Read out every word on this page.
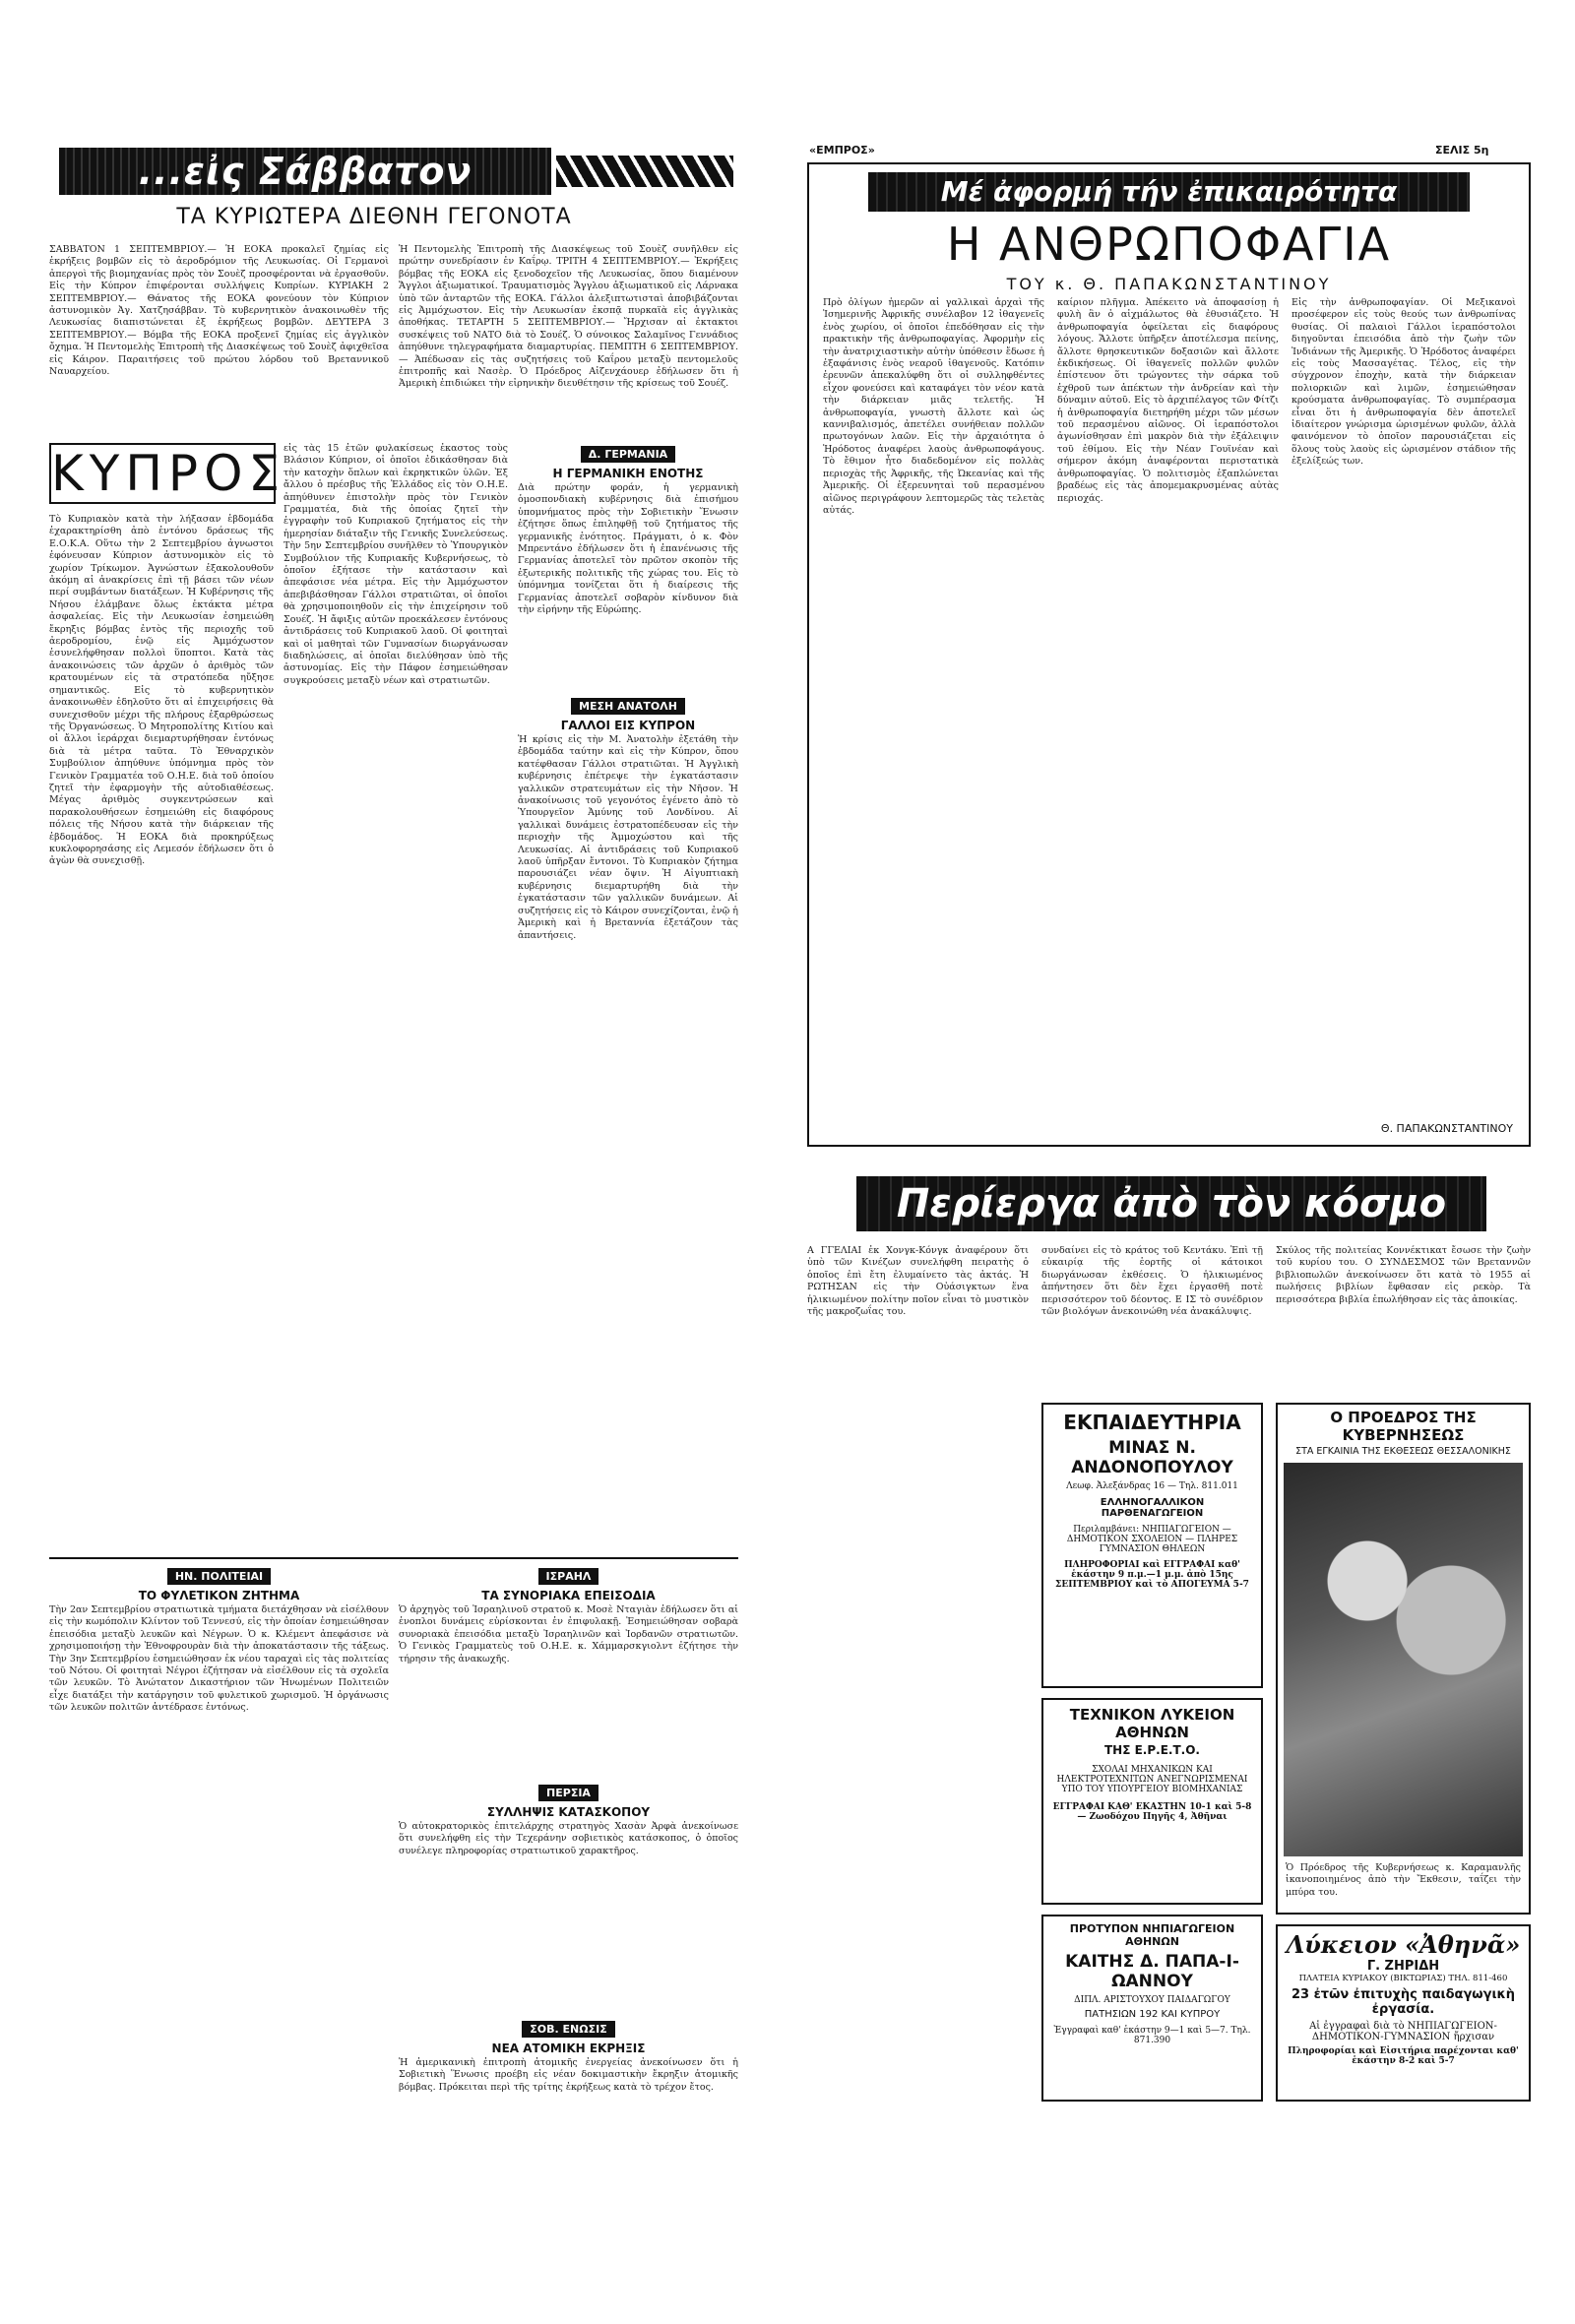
«ΕΜΠΡΟΣ»	ΣΕΛΙΣ 5η
...εἰς Σάββατον
ΤΑ ΚΥΡΙΩΤΕΡΑ ΔΙΕΘΝΗ ΓΕΓΟΝΟΤΑ
ΣΑΒΒΑΤΟΝ 1 ΣΕΠΤΕΜΒΡΙΟΥ.— Ἡ ΕΟΚΑ προκαλεῖ ζημίας εἰς ἐκρήξεις βομβῶν εἰς τὸ ἀεροδρόμιον τῆς Λευκωσίας. Οἱ Γερμανοὶ ἀπεργοὶ τῆς βιομηχανίας πρὸς τὸν Σουὲζ προσφέρονται νὰ ἐργασθοῦν. Εἰς τὴν Κύπρον ἐπιφέρονται συλλήψεις Κυπρίων. ΚΥΡΙΑΚΗ 2 ΣΕΠΤΕΜΒΡΙΟΥ.— Θάνατος τῆς ΕΟΚΑ φονεύουν τὸν Κύπριον ἀστυνομικὸν Ἀγ. Χατζησάββαν. Τὸ κυβερνητικὸν ἀνακοινωθὲν τῆς Λευκωσίας διαπιστώνεται ἐξ ἐκρήξεως βομβῶν. ΔΕΥΤΕΡΑ 3 ΣΕΠΤΕΜΒΡΙΟΥ.— Βόμβα τῆς ΕΟΚΑ προξενεῖ ζημίας εἰς ἀγγλικὸν ὄχημα. Ἡ Πεντομελὴς Ἐπιτροπὴ τῆς Διασκέψεως τοῦ Σουὲζ ἀφιχθεῖσα εἰς Κάιρον. Παραιτήσεις τοῦ πρώτου λόρδου τοῦ Βρεταννικοῦ Ναυαρχείου.
Ἡ Πεντομελὴς Ἐπιτροπὴ τῆς Διασκέψεως τοῦ Σουὲζ συνῆλθεν εἰς πρώτην συνεδρίασιν ἐν Καΐρῳ. ΤΡΙΤΗ 4 ΣΕΠΤΕΜΒΡΙΟΥ.— Ἐκρήξεις βόμβας τῆς ΕΟΚΑ εἰς ξενοδοχεῖον τῆς Λευκωσίας, ὅπου διαμένουν Ἄγγλοι ἀξιωματικοί. Τραυματισμὸς Ἄγγλου ἀξιωματικοῦ εἰς Λάρνακα ὑπὸ τῶν ἀνταρτῶν τῆς ΕΟΚΑ. Γάλλοι ἀλεξιπτωτισταὶ ἀποβιβάζονται εἰς Ἀμμόχωστον. Εἰς τὴν Λευκωσίαν ἐκσπᾷ πυρκαϊὰ εἰς ἀγγλικὰς ἀποθήκας. ΤΕΤΑΡΤΗ 5 ΣΕΠΤΕΜΒΡΙΟΥ.— Ἤρχισαν αἱ ἐκτακτοι συσκέψεις τοῦ ΝΑΤΟ διὰ τὸ Σουέζ. Ὁ σύνοικος Σαλαμῖνος Γεννάδιος ἀπηύθυνε τηλεγραφήματα διαμαρτυρίας. ΠΕΜΠΤΗ 6 ΣΕΠΤΕΜΒΡΙΟΥ.— Ἀπέδωσαν εἰς τὰς συζητήσεις τοῦ Καΐρου μεταξὺ πεντομελοῦς ἐπιτροπῆς καὶ Νασὲρ. Ὁ Πρόεδρος Αἰζενχάουερ ἐδήλωσεν ὅτι ἡ Ἀμερικὴ ἐπιδιώκει τὴν εἰρηνικὴν διευθέτησιν τῆς κρίσεως τοῦ Σουέζ.
ΚΥΠΡΟΣ
Τὸ Κυπριακὸν κατὰ τὴν λήξασαν ἑβδομάδα ἐχαρακτηρίσθη ἀπὸ ἐντόνου δράσεως τῆς Ε.Ο.Κ.Α. Οὕτω τὴν 2 Σεπτεμβρίου ἀγνωστοι ἐφόνευσαν Κύπριον ἀστυνομικὸν εἰς τὸ χωρίον Τρίκωμον. Ἀγνώστων ἐξακολουθοῦν ἀκόμη αἱ ἀνακρίσεις ἐπὶ τῇ βάσει τῶν νέων περί συμβάντων διατάξεων. Ἡ Κυβέρνησις τῆς Νήσου ἐλάμβανε ὅλως ἐκτάκτα μέτρα ἀσφαλείας. Εἰς τὴν Λευκωσίαν ἐσημειώθη ἔκρηξις βόμβας ἐντὸς τῆς περιοχῆς τοῦ ἀεροδρομίου, ἐνῷ εἰς Ἀμμόχωστον ἐσυνελήφθησαν πολλοὶ ὕποπτοι. Κατὰ τὰς ἀνακοινώσεις τῶν ἀρχῶν ὁ ἀριθμὸς τῶν κρατουμένων εἰς τὰ στρατόπεδα ηὔξησε σημαντικῶς. Εἰς τὸ κυβερνητικὸν ἀνακοινωθὲν ἐδηλοῦτο ὅτι αἱ ἐπιχειρήσεις θὰ συνεχισθοῦν μέχρι τῆς πλήρους ἐξαρθρώσεως τῆς Ὀργανώσεως. Ὁ Μητροπολίτης Κιτίου καὶ οἱ ἄλλοι ἱεράρχαι διεμαρτυρήθησαν ἐντόνως διὰ τὰ μέτρα ταῦτα. Τὸ Ἐθναρχικὸν Συμβούλιον ἀπηύθυνε ὑπόμνημα πρὸς τὸν Γενικὸν Γραμματέα τοῦ Ο.Η.Ε. διὰ τοῦ ὁποίου ζητεῖ τὴν ἐφαρμογὴν τῆς αὐτοδιαθέσεως. Μέγας ἀριθμὸς συγκεντρώσεων καὶ παρακολουθήσεων ἐσημειώθη εἰς διαφόρους πόλεις τῆς Νήσου κατὰ τὴν διάρκειαν τῆς ἑβδομάδος. Ἡ ΕΟΚΑ διὰ προκηρύξεως κυκλοφορησάσης εἰς Λεμεσόν ἐδήλωσεν ὅτι ὁ ἀγὼν θὰ συνεχισθῇ.
εἰς τὰς 15 ἐτῶν φυλακίσεως ἐκαστος τοὺς Βλάσιον Κύπριον, οἱ ὁποῖοι ἐδικάσθησαν διὰ τὴν κατοχὴν ὅπλων καὶ ἐκρηκτικῶν ὑλῶν. Ἐξ ἄλλου ὁ πρέσβυς τῆς Ἑλλάδος εἰς τὸν Ο.Η.Ε. ἀπηύθυνεν ἐπιστολὴν πρὸς τὸν Γενικὸν Γραμματέα, διὰ τῆς ὁποίας ζητεῖ τὴν ἐγγραφὴν τοῦ Κυπριακοῦ ζητήματος εἰς τὴν ἡμερησίαν διάταξιν τῆς Γενικῆς Συνελεύσεως. Τὴν 5ην Σεπτεμβρίου συνῆλθεν τὸ Ὑπουργικὸν Συμβούλιον τῆς Κυπριακῆς Κυβερνήσεως, τὸ ὁποῖον ἐξήτασε τὴν κατάστασιν καὶ ἀπεφάσισε νέα μέτρα. Εἰς τὴν Ἀμμόχωστον ἀπεβιβάσθησαν Γάλλοι στρατιῶται, οἱ ὁποῖοι θὰ χρησιμοποιηθοῦν εἰς τὴν ἐπιχείρησιν τοῦ Σουέζ. Ἡ ἄφιξις αὐτῶν προεκάλεσεν ἐντόνους ἀντιδράσεις τοῦ Κυπριακοῦ λαοῦ. Οἱ φοιτηταὶ καὶ οἱ μαθηταὶ τῶν Γυμνασίων διωργάνωσαν διαδηλώσεις, αἱ ὁποῖαι διελύθησαν ὑπὸ τῆς ἀστυνομίας. Εἰς τὴν Πάφον ἐσημειώθησαν συγκρούσεις μεταξὺ νέων καὶ στρατιωτῶν.
Δ. ΓΕΡΜΑΝΙΑ
Η ΓΕΡΜΑΝΙΚΗ ΕΝΟΤΗΣ
Διὰ πρώτην φοράν, ἡ γερμανικὴ ὁμοσπονδιακὴ κυβέρνησις διὰ ἐπισήμου ὑπομνήματος πρὸς τὴν Σοβιετικὴν Ἕνωσιν ἐζήτησε ὅπως ἐπιληφθῇ τοῦ ζητήματος τῆς γερμανικῆς ἑνότητος. Πράγματι, ὁ κ. Φὸν Μπρεντάνο ἐδήλωσεν ὅτι ἡ ἐπανένωσις τῆς Γερμανίας ἀποτελεῖ τὸν πρῶτον σκοπὸν τῆς ἐξωτερικῆς πολιτικῆς τῆς χώρας του. Εἰς τὸ ὑπόμνημα τονίζεται ὅτι ἡ διαίρεσις τῆς Γερμανίας ἀποτελεῖ σοβαρὸν κίνδυνον διὰ τὴν εἰρήνην τῆς Εὐρώπης.
ΜΕΣΗ ΑΝΑΤΟΛΗ
ΓΑΛΛΟΙ ΕΙΣ ΚΥΠΡΟΝ
Ἡ κρίσις εἰς τὴν Μ. Ἀνατολὴν ἐξετάθη τὴν ἑβδομάδα ταύτην καὶ εἰς τὴν Κύπρον, ὅπου κατέφθασαν Γάλλοι στρατιῶται. Ἡ Ἀγγλικὴ κυβέρνησις ἐπέτρεψε τὴν ἐγκατάστασιν γαλλικῶν στρατευμάτων εἰς τὴν Νῆσον. Ἡ ἀνακοίνωσις τοῦ γεγονότος ἐγένετο ἀπὸ τὸ Ὑπουργεῖον Ἀμύνης τοῦ Λονδίνου. Αἱ γαλλικαὶ δυνάμεις ἐστρατοπέδευσαν εἰς τὴν περιοχὴν τῆς Ἀμμοχώστου καὶ τῆς Λευκωσίας. Αἱ ἀντιδράσεις τοῦ Κυπριακοῦ λαοῦ ὑπῆρξαν ἔντονοι. Τὸ Κυπριακὸν ζήτημα παρουσιάζει νέαν ὄψιν. Ἡ Αἰγυπτιακὴ κυβέρνησις διεμαρτυρήθη διὰ τὴν ἐγκατάστασιν τῶν γαλλικῶν δυνάμεων. Αἱ συζητήσεις εἰς τὸ Κάιρον συνεχίζονται, ἐνῷ ἡ Ἀμερικὴ καὶ ἡ Βρεταννία ἐξετάζουν τὰς ἀπαντήσεις.
ΗΝ. ΠΟΛΙΤΕΙΑΙ
ΤΟ ΦΥΛΕΤΙΚΟΝ ΖΗΤΗΜΑ
Τὴν 2αν Σεπτεμβρίου στρατιωτικὰ τμήματα διετάχθησαν νὰ εἰσέλθουν εἰς τὴν κωμόπολιν Κλίντον τοῦ Τεννεσύ, εἰς τὴν ὁποίαν ἐσημειώθησαν ἐπεισόδια μεταξὺ λευκῶν καὶ Νέγρων. Ὁ κ. Κλέμεντ ἀπεφάσισε νὰ χρησιμοποιήσῃ τὴν Ἐθνοφρουρὰν διὰ τὴν ἀποκατάστασιν τῆς τάξεως. Τὴν 3ην Σεπτεμβρίου ἐσημειώθησαν ἐκ νέου ταραχαὶ εἰς τὰς πολιτείας τοῦ Νότου. Οἱ φοιτηταὶ Νέγροι ἐζήτησαν νὰ εἰσέλθουν εἰς τὰ σχολεῖα τῶν λευκῶν. Τὸ Ἀνώτατον Δικαστήριον τῶν Ἡνωμένων Πολιτειῶν εἶχε διατάξει τὴν κατάργησιν τοῦ φυλετικοῦ χωρισμοῦ. Ἡ ὀργάνωσις τῶν λευκῶν πολιτῶν ἀντέδρασε ἐντόνως.
ΙΣΡΑΗΛ
ΤΑ ΣΥΝΟΡΙΑΚΑ ΕΠΕΙΣΟΔΙΑ
Ὁ ἀρχηγὸς τοῦ Ἰσραηλινοῦ στρατοῦ κ. Μοσὲ Νταγιὰν ἐδήλωσεν ὅτι αἱ ἐνοπλοι δυνάμεις εὑρίσκονται ἐν ἐπιφυλακῇ. Ἐσημειώθησαν σοβαρὰ συνοριακὰ ἐπεισόδια μεταξὺ Ἰσραηλινῶν καὶ Ἰορδανῶν στρατιωτῶν. Ὁ Γενικὸς Γραμματεὺς τοῦ Ο.Η.Ε. κ. Χάμμαρσκγιολντ ἐζήτησε τὴν τήρησιν τῆς ἀνακωχῆς.
ΠΕΡΣΙΑ
ΣΥΛΛΗΨΙΣ ΚΑΤΑΣΚΟΠΟΥ
Ὁ αὐτοκρατορικὸς ἐπιτελάρχης στρατηγὸς Χασὰν Ἀρφὰ ἀνεκοίνωσε ὅτι συνελήφθη εἰς τὴν Τεχεράνην σοβιετικὸς κατάσκοπος, ὁ ὁποῖος συνέλεγε πληροφορίας στρατιωτικοῦ χαρακτῆρος.
ΣΟΒ. ΕΝΩΣΙΣ
ΝΕΑ ΑΤΟΜΙΚΗ ΕΚΡΗΞΙΣ
Ἡ ἀμερικανικὴ ἐπιτροπὴ ἀτομικῆς ἐνεργείας ἀνεκοίνωσεν ὅτι ἡ Σοβιετικὴ Ἕνωσις προέβη εἰς νέαν δοκιμαστικὴν ἔκρηξιν ἀτομικῆς βόμβας. Πρόκειται περὶ τῆς τρίτης ἐκρήξεως κατὰ τὸ τρέχον ἔτος.
Μέ ἀφορμή τήν ἐπικαιρότητα
Η ΑΝΘΡΩΠΟΦΑΓΙΑ
ΤΟΥ κ. Θ. ΠΑΠΑΚΩΝΣΤΑΝΤΙΝΟΥ
Πρὸ ὀλίγων ἡμερῶν αἱ γαλλικαὶ ἀρχαὶ τῆς Ἰσημερινῆς Ἀφρικῆς συνέλαβον 12 ἰθαγενεῖς ἑνὸς χωρίου, οἱ ὁποῖοι ἐπεδόθησαν εἰς τὴν πρακτικὴν τῆς ἀνθρωποφαγίας. Ἀφορμὴν εἰς τὴν ἀνατριχιαστικὴν αὐτὴν ὑπόθεσιν ἔδωσε ἡ ἐξαφάνισις ἑνὸς νεαροῦ ἰθαγενοῦς. Κατόπιν ἐρευνῶν ἀπεκαλύφθη ὅτι οἱ συλληφθέντες εἶχον φονεύσει καὶ καταφάγει τὸν νέον κατὰ τὴν διάρκειαν μιᾶς τελετῆς. Ἡ ἀνθρωποφαγία, γνωστὴ ἄλλοτε καὶ ὡς καννιβαλισμός, ἀπετέλει συνήθειαν πολλῶν πρωτογόνων λαῶν. Εἰς τὴν ἀρχαιότητα ὁ Ἡρόδοτος ἀναφέρει λαοὺς ἀνθρωποφάγους. Τὸ ἔθιμον ἦτο διαδεδομένον εἰς πολλὰς περιοχὰς τῆς Ἀφρικῆς, τῆς Ὠκεανίας καὶ τῆς Ἀμερικῆς. Οἱ ἐξερευνηταὶ τοῦ περασμένου αἰῶνος περιγράφουν λεπτομερῶς τὰς τελετὰς αὐτάς.
καίριον πλῆγμα. Ἀπέκειτο νὰ ἀποφασίσῃ ἡ φυλὴ ἂν ὁ αἰχμάλωτος θὰ ἐθυσιάζετο. Ἡ ἀνθρωποφαγία ὀφείλεται εἰς διαφόρους λόγους. Ἄλλοτε ὑπῆρξεν ἀποτέλεσμα πείνης, ἄλλοτε θρησκευτικῶν δοξασιῶν καὶ ἄλλοτε ἐκδικήσεως. Οἱ ἰθαγενεῖς πολλῶν φυλῶν ἐπίστευον ὅτι τρώγοντες τὴν σάρκα τοῦ ἐχθροῦ των ἀπέκτων τὴν ἀνδρείαν καὶ τὴν δύναμιν αὐτοῦ. Εἰς τὸ ἀρχιπέλαγος τῶν Φίτζι ἡ ἀνθρωποφαγία διετηρήθη μέχρι τῶν μέσων τοῦ περασμένου αἰῶνος. Οἱ ἱεραπόστολοι ἀγωνίσθησαν ἐπὶ μακρὸν διὰ τὴν ἐξάλειψιν τοῦ ἐθίμου. Εἰς τὴν Νέαν Γουϊνέαν καὶ σήμερον ἀκόμη ἀναφέρονται περιστατικὰ ἀνθρωποφαγίας. Ὁ πολιτισμὸς ἐξαπλώνεται βραδέως εἰς τὰς ἀπομεμακρυσμένας αὐτὰς περιοχάς.
Εἰς τὴν ἀνθρωποφαγίαν. Οἱ Μεξικανοὶ προσέφερον εἰς τοὺς θεούς των ἀνθρωπίνας θυσίας. Οἱ παλαιοὶ Γάλλοι ἱεραπόστολοι διηγοῦνται ἐπεισόδια ἀπὸ τὴν ζωὴν τῶν Ἰνδιάνων τῆς Ἀμερικῆς. Ὁ Ἡρόδοτος ἀναφέρει εἰς τοὺς Μασσαγέτας. Τέλος, εἰς τὴν σύγχρονον ἐποχὴν, κατὰ τὴν διάρκειαν πολιορκιῶν καὶ λιμῶν, ἐσημειώθησαν κρούσματα ἀνθρωποφαγίας. Τὸ συμπέρασμα εἶναι ὅτι ἡ ἀνθρωποφαγία δὲν ἀποτελεῖ ἰδιαίτερον γνώρισμα ὡρισμένων φυλῶν, ἀλλὰ φαινόμενον τὸ ὁποῖον παρουσιάζεται εἰς ὅλους τοὺς λαοὺς εἰς ὡρισμένον στάδιον τῆς ἐξελίξεώς των.
Θ. ΠΑΠΑΚΩΝΣΤΑΝΤΙΝΟΥ
Περίεργα ἀπὸ τὸν κόσμο
Α ΓΓΕΛΙΑΙ ἐκ Χονγκ-Κόνγκ ἀναφέρουν ὅτι ὑπὸ τῶν Κινέζων συνελήφθη πειρατὴς ὁ ὁποῖος ἐπὶ ἔτη ἐλυμαίνετο τὰς ἀκτάς. Ἡ ΡΩΤΗΣΑΝ εἰς τὴν Οὐάσιγκτων ἕνα ἡλικιωμένον πολίτην ποῖον εἶναι τὸ μυστικὸν τῆς μακροζωΐας του.
συνδαίνει εἰς τὸ κράτος τοῦ Κεντάκυ. Ἐπὶ τῇ εὐκαιρίᾳ τῆς ἑορτῆς οἱ κάτοικοι διωργάνωσαν ἐκθέσεις. Ὁ ἡλικιωμένος ἀπήντησεν ὅτι δὲν ἔχει ἐργασθῆ ποτὲ περισσότερον τοῦ δέοντος. Ε ΙΣ τὸ συνέδριον τῶν βιολόγων ἀνεκοινώθη νέα ἀνακάλυψις.
Σκύλος τῆς πολιτείας Κοννέκτικατ ἔσωσε τὴν ζωὴν τοῦ κυρίου του. Ο ΣΥΝΔΕΣΜΟΣ τῶν Βρεταννῶν βιβλιοπωλῶν ἀνεκοίνωσεν ὅτι κατὰ τὸ 1955 αἱ πωλήσεις βιβλίων ἔφθασαν εἰς ρεκὸρ. Τὰ περισσότερα βιβλία ἐπωλήθησαν εἰς τὰς ἀποικίας.
ΕΚΠΑΙΔΕΥΤΗΡΙΑ
ΜΙΝΑΣ Ν. ΑΝΔΟΝΟΠΟΥΛΟΥ
Λεωφ. Ἀλεξάνδρας 16 — Τηλ. 811.011
ΕΛΛΗΝΟΓΑΛΛΙΚΟΝ ΠΑΡΘΕΝΑΓΩΓΕΙΟΝ
Περιλαμβάνει: ΝΗΠΙΑΓΩΓΕΙΟΝ — ΔΗΜΟΤΙΚΟΝ ΣΧΟΛΕΙΟΝ — ΠΛΗΡΕΣ ΓΥΜΝΑΣΙΟΝ ΘΗΛΕΩΝ
ΠΛΗΡΟΦΟΡΙΑΙ καὶ ΕΓΓΡΑΦΑΙ καθ' ἑκάστην 9 π.μ.—1 μ.μ. ἀπὸ 15ης ΣΕΠΤΕΜΒΡΙΟΥ καὶ τὸ ΑΠΟΓΕΥΜΑ 5-7
ΤΕΧΝΙΚΟΝ ΛΥΚΕΙΟΝ ΑΘΗΝΩΝ
ΤΗΣ Ε.Ρ.Ε.Τ.Ο.
ΣΧΟΛΑΙ ΜΗΧΑΝΙΚΩΝ ΚΑΙ ΗΛΕΚΤΡΟΤΕΧΝΙΤΩΝ ΑΝΕΓΝΩΡΙΣΜΕΝΑΙ ΥΠΟ ΤΟΥ ΥΠΟΥΡΓΕΙΟΥ ΒΙΟΜΗΧΑΝΙΑΣ
ΕΓΓΡΑΦΑΙ ΚΑΘ' ΕΚΑΣΤΗΝ 10-1 καὶ 5-8 — Ζωοδόχου Πηγῆς 4, Ἀθῆναι
ΠΡΟΤΥΠΟΝ ΝΗΠΙΑΓΩΓΕΙΟΝ ΑΘΗΝΩΝ
ΚΑΙΤΗΣ Δ. ΠΑΠΑ-Ι-ΩΑΝΝΟΥ
ΔΙΠΛ. ΑΡΙΣΤΟΥΧΟΥ ΠΑΙΔΑΓΩΓΟΥ
ΠΑΤΗΣΙΩΝ 192 ΚΑΙ ΚΥΠΡΟΥ
Ἐγγραφαὶ καθ' ἑκάστην 9—1 καὶ 5—7. Τηλ. 871.390
Ο ΠΡΟΕΔΡΟΣ ΤΗΣ ΚΥΒΕΡΝΗΣΕΩΣ
ΣΤΑ ΕΓΚΑΙΝΙΑ ΤΗΣ ΕΚΘΕΣΕΩΣ ΘΕΣΣΑΛΟΝΙΚΗΣ
Ὁ Πρόεδρος τῆς Κυβερνήσεως κ. Καραμανλῆς ἱκανοποιημένος ἀπὸ τὴν Ἔκθεσιν, ταΐζει τὴν μπύρα του.
Λύκειον «Ἀθηνᾶ»
Γ. ΖΗΡΙΔΗ
ΠΛΑΤΕΙΑ ΚΥΡΙΑΚΟΥ (ΒΙΚΤΩΡΙΑΣ) ΤΗΛ. 811-460
23 ἐτῶν ἐπιτυχὴς παιδαγωγικὴ ἐργασία.
Αἱ ἐγγραφαὶ διὰ τὸ ΝΗΠΙΑΓΩΓΕΙΟΝ-ΔΗΜΟΤΙΚΟΝ-ΓΥΜΝΑΣΙΟΝ ἤρχισαν
Πληροφορίαι καὶ Εἰσιτήρια παρέχονται καθ' ἑκάστην 8-2 καὶ 5-7
